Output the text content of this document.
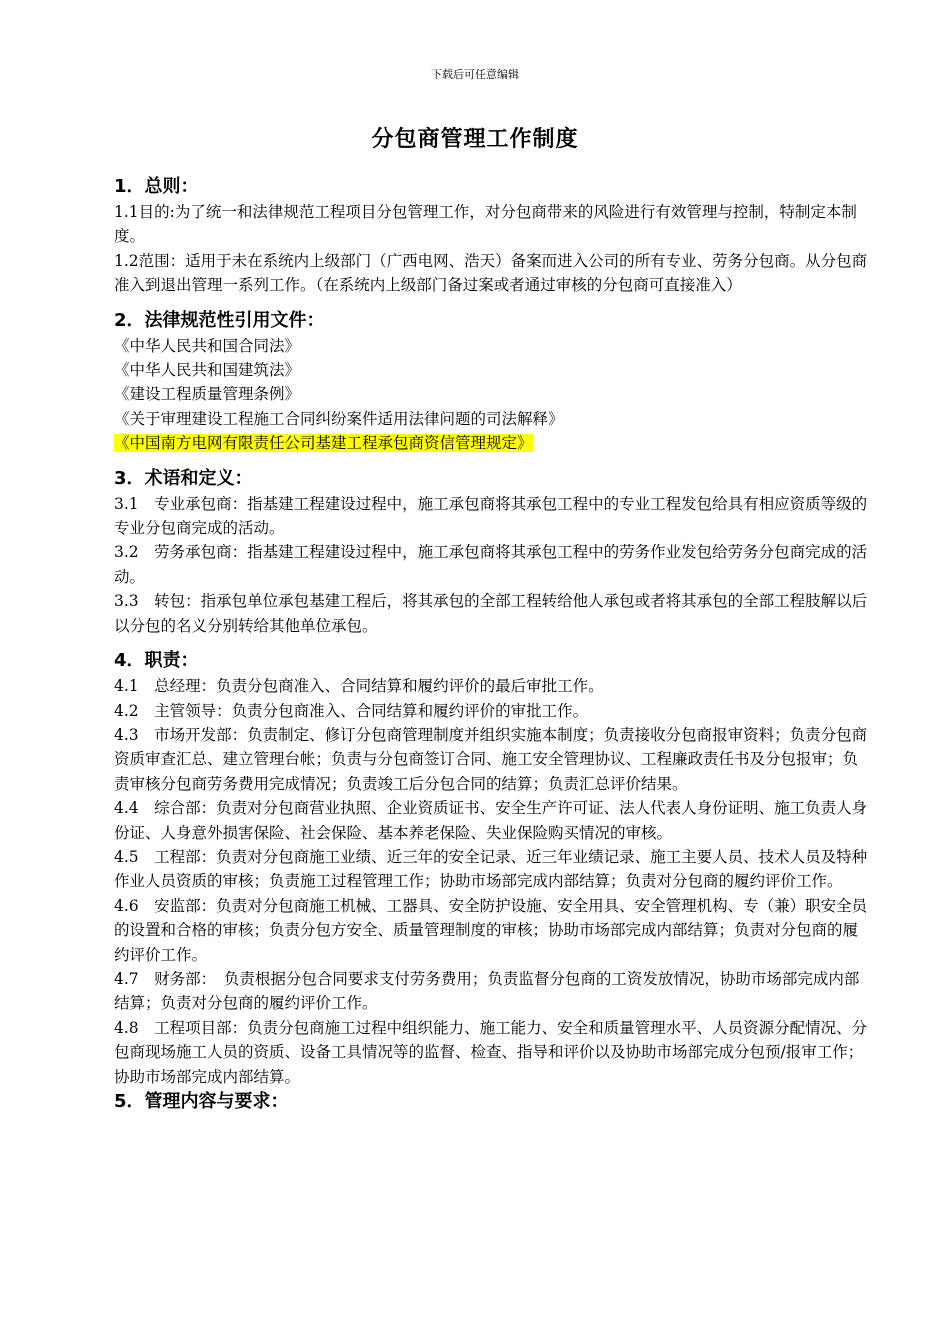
下载后可任意编辑
分包商管理工作制度
1．总则：

1.1目的:为了统一和法律规范工程项目分包管理工作，对分包商带来的风险进行有效管理与控制，特制定本制度。

1.2范围：适用于未在系统内上级部门（广西电网、浩天）备案而进入公司的所有专业、劳务分包商。从分包商准入到退出管理一系列工作。（在系统内上级部门备过案或者通过审核的分包商可直接准入）

2．法律规范性引用文件：

《中华人民共和国合同法》

《中华人民共和国建筑法》

《建设工程质量管理条例》

《关于审理建设工程施工合同纠纷案件适用法律问题的司法解释》

《中国南方电网有限责任公司基建工程承包商资信管理规定》

3．术语和定义：

3.1　专业承包商：指基建工程建设过程中，施工承包商将其承包工程中的专业工程发包给具有相应资质等级的专业分包商完成的活动。

3.2　劳务承包商：指基建工程建设过程中，施工承包商将其承包工程中的劳务作业发包给劳务分包商完成的活动。

3.3　转包：指承包单位承包基建工程后，将其承包的全部工程转给他人承包或者将其承包的全部工程肢解以后以分包的名义分别转给其他单位承包。

4．职责：

4.1　总经理：负责分包商准入、合同结算和履约评价的最后审批工作。

4.2　主管领导：负责分包商准入、合同结算和履约评价的审批工作。

4.3　市场开发部：负责制定、修订分包商管理制度并组织实施本制度；负责接收分包商报审资料；负责分包商资质审查汇总、建立管理台帐；负责与分包商签订合同、施工安全管理协议、工程廉政责任书及分包报审；负责审核分包商劳务费用完成情况；负责竣工后分包合同的结算；负责汇总评价结果。

4.4　综合部：负责对分包商营业执照、企业资质证书、安全生产许可证、法人代表人身份证明、施工负责人身份证、人身意外损害保险、社会保险、基本养老保险、失业保险购买情况的审核。

4.5　工程部：负责对分包商施工业绩、近三年的安全记录、近三年业绩记录、施工主要人员、技术人员及特种作业人员资质的审核；负责施工过程管理工作；协助市场部完成内部结算；负责对分包商的履约评价工作。

4.6　安监部：负责对分包商施工机械、工器具、安全防护设施、安全用具、安全管理机构、专（兼）职安全员的设置和合格的审核；负责分包方安全、质量管理制度的审核；协助市场部完成内部结算；负责对分包商的履约评价工作。

4.7　财务部：　负责根据分包合同要求支付劳务费用；负责监督分包商的工资发放情况，协助市场部完成内部结算；负责对分包商的履约评价工作。

4.8　工程项目部：负责分包商施工过程中组织能力、施工能力、安全和质量管理水平、人员资源分配情况、分包商现场施工人员的资质、设备工具情况等的监督、检查、指导和评价以及协助市场部完成分包预/报审工作；协助市场部完成内部结算。

5．管理内容与要求：
